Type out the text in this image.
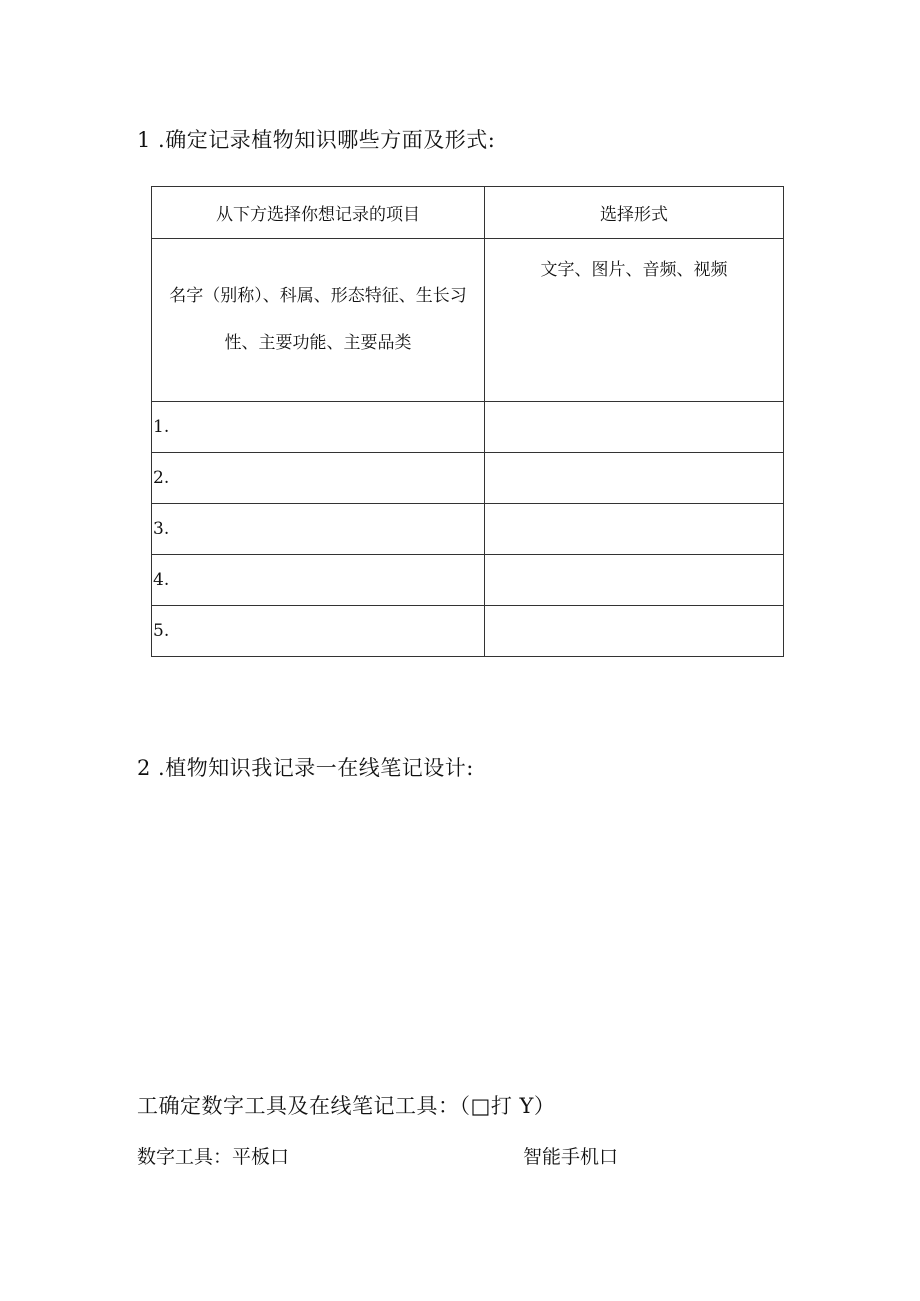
1 .确定记录植物知识哪些方面及形式:
从下方选择你想记录的项目	选择形式
名字（别称）、科属、形态特征、生长习性、主要功能、主要品类	文字、图片、音频、视频
1.	
2.	
3.	
4.	
5.	
2 .植物知识我记录一在线笔记设计:
工确定数字工具及在线笔记工具：（□打 Y）
数字工具：平板口	智能手机口
